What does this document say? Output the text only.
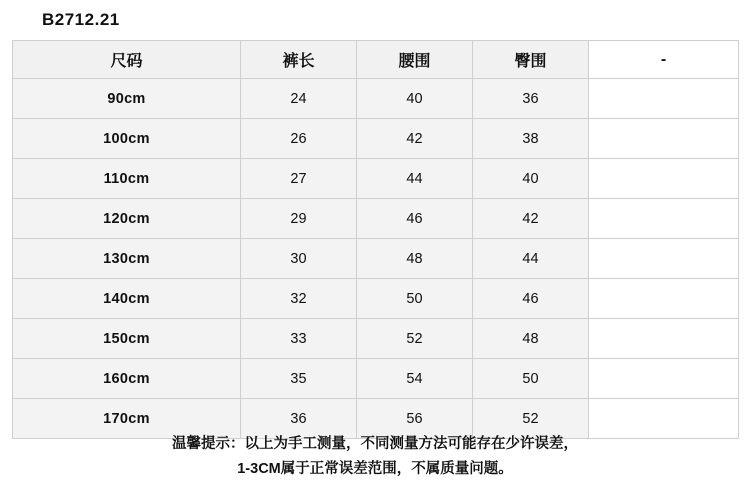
B2712.21
尺码	裤长	腰围	臀围	-
90cm	24	40	36	
100cm	26	42	38	
110cm	27	44	40	
120cm	29	46	42	
130cm	30	48	44	
140cm	32	50	46	
150cm	33	52	48	
160cm	35	54	50	
170cm	36	56	52	
温馨提示：以上为手工测量，不同测量方法可能存在少许误差，
1-3CM属于正常误差范围，不属质量问题。
